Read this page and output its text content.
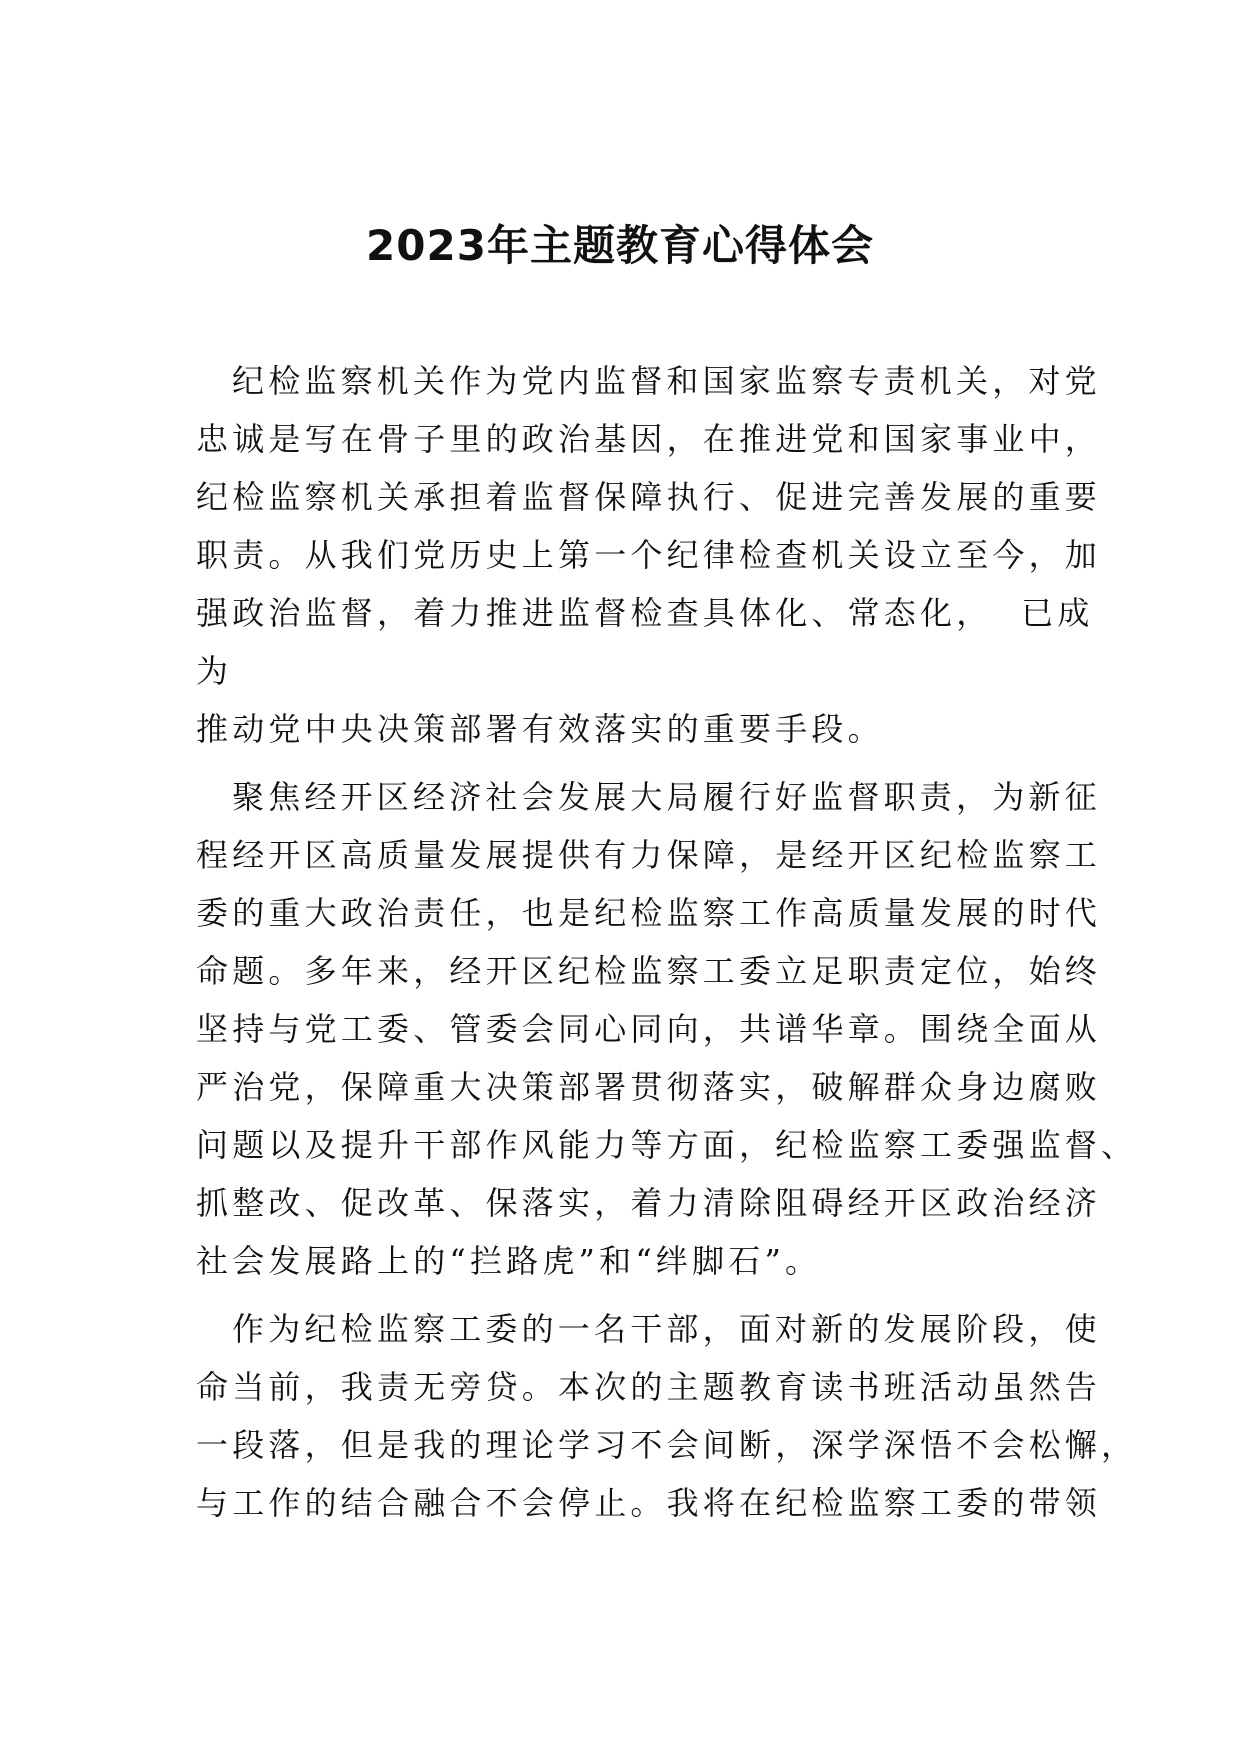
2023年主题教育心得体会
纪检监察机关作为党内监督和国家监察专责机关，对党
忠诚是写在骨子里的政治基因，在推进党和国家事业中，
纪检监察机关承担着监督保障执行、促进完善发展的重要
职责。从我们党历史上第一个纪律检查机关设立至今，加
强政治监督，着力推进监督检查具体化、常态化，  已成
为
推动党中央决策部署有效落实的重要手段。
聚焦经开区经济社会发展大局履行好监督职责，为新征
程经开区高质量发展提供有力保障，是经开区纪检监察工
委的重大政治责任，也是纪检监察工作高质量发展的时代
命题。多年来，经开区纪检监察工委立足职责定位，始终
坚持与党工委、管委会同心同向，共谱华章。围绕全面从
严治党，保障重大决策部署贯彻落实，破解群众身边腐败
问题以及提升干部作风能力等方面，纪检监察工委强监督、
抓整改、促改革、保落实，着力清除阻碍经开区政治经济
社会发展路上的“拦路虎”和“绊脚石”。
作为纪检监察工委的一名干部，面对新的发展阶段，使
命当前，我责无旁贷。本次的主题教育读书班活动虽然告
一段落，但是我的理论学习不会间断，深学深悟不会松懈，
与工作的结合融合不会停止。我将在纪检监察工委的带领
